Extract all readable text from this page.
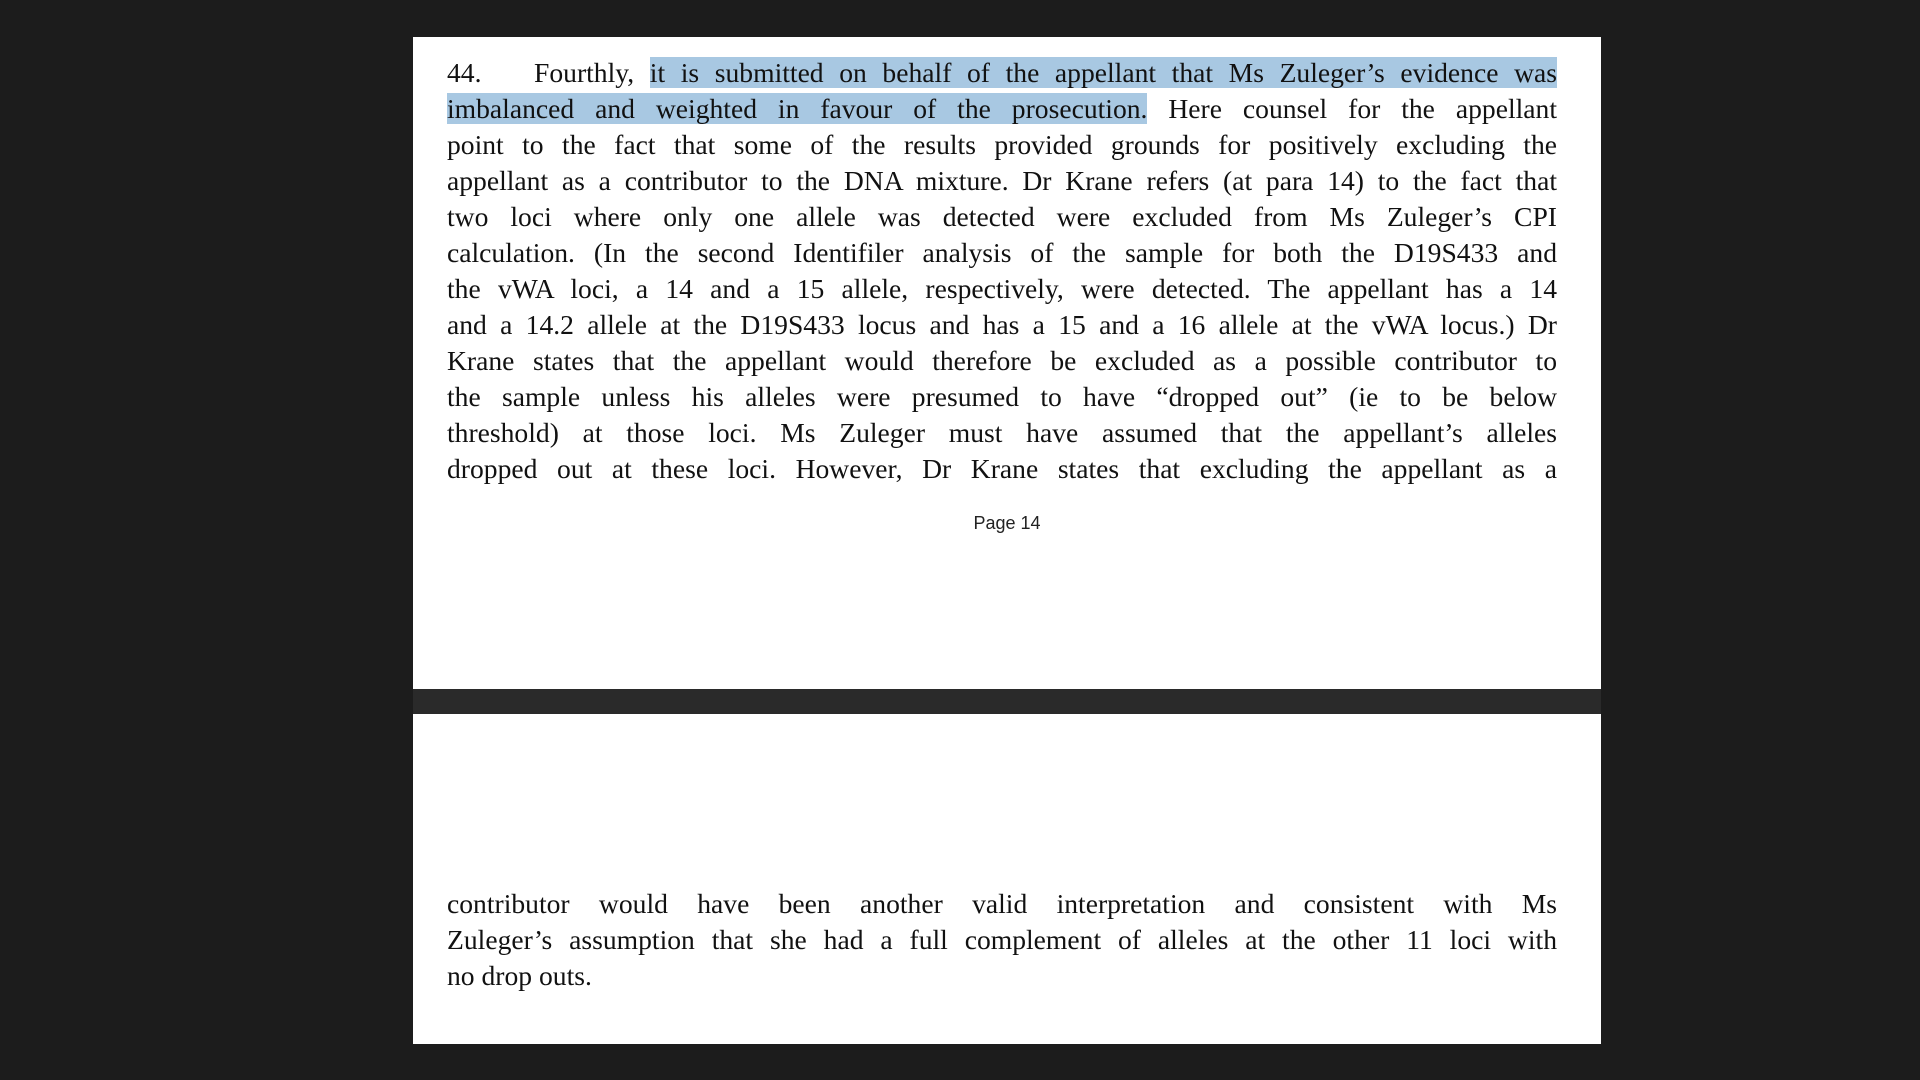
44. Fourthly, it is submitted on behalf of the appellant that Ms Zuleger’s evidence was
imbalanced and weighted in favour of the prosecution. Here counsel for the appellant
point to the fact that some of the results provided grounds for positively excluding the
appellant as a contributor to the DNA mixture. Dr Krane refers (at para 14) to the fact that
two loci where only one allele was detected were excluded from Ms Zuleger’s CPI
calculation. (In the second Identifiler analysis of the sample for both the D19S433 and
the vWA loci, a 14 and a 15 allele, respectively, were detected. The appellant has a 14
and a 14.2 allele at the D19S433 locus and has a 15 and a 16 allele at the vWA locus.) Dr
Krane states that the appellant would therefore be excluded as a possible contributor to
the sample unless his alleles were presumed to have “dropped out” (ie to be below
threshold) at those loci. Ms Zuleger must have assumed that the appellant’s alleles
dropped out at these loci. However, Dr Krane states that excluding the appellant as a
Page 14
contributor would have been another valid interpretation and consistent with Ms
Zuleger’s assumption that she had a full complement of alleles at the other 11 loci with
no drop outs.
